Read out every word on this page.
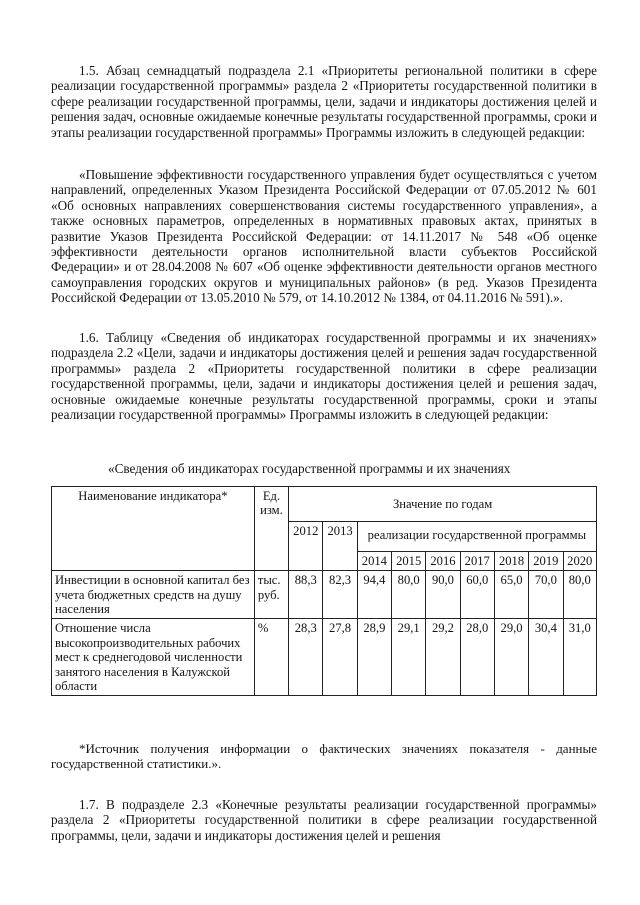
1.5. Абзац семнадцатый подраздела 2.1 «Приоритеты региональной политики в сфере реализации государственной программы» раздела 2 «Приоритеты государственной политики в сфере реализации государственной программы, цели, задачи и индикаторы достижения целей и решения задач, основные ожидаемые конечные результаты государственной программы, сроки и этапы реализации государственной программы» Программы изложить в следующей редакции:

«Повышение эффективности государственного управления будет осуществляться с учетом направлений, определенных Указом Президента Российской Федерации от 07.05.2012 № 601 «Об основных направлениях совершенствования системы государственного управления», а также основных параметров, определенных в нормативных правовых актах, принятых в развитие Указов Президента Российской Федерации: от 14.11.2017 № 548 «Об оценке эффективности деятельности органов исполнительной власти субъектов Российской Федерации» и от 28.04.2008 № 607 «Об оценке эффективности деятельности органов местного самоуправления городских округов и муниципальных районов» (в ред. Указов Президента Российской Федерации от 13.05.2010 № 579, от 14.10.2012 № 1384, от 04.11.2016 № 591).».

1.6. Таблицу «Сведения об индикаторах государственной программы и их значениях» подраздела 2.2 «Цели, задачи и индикаторы достижения целей и решения задач государственной программы» раздела 2 «Приоритеты государственной политики в сфере реализации государственной программы, цели, задачи и индикаторы достижения целей и решения задач, основные ожидаемые конечные результаты государственной программы, сроки и этапы реализации государственной программы» Программы изложить в следующей редакции:

«Сведения об индикаторах государственной программы и их значениях

Наименование индикатора*	Ед. изм.	Значение по годам								
		2012	2013	реализации государственной программы						
				2014	2015	2016	2017	2018	2019	2020
Инвестиции в основной капитал без учета бюджетных средств на душу населения	тыс. руб.	88,3	82,3	94,4	80,0	90,0	60,0	65,0	70,0	80,0
Отношение числа высокопроизводительных рабочих мест к среднегодовой численности занятого населения в Калужской области	%	28,3	27,8	28,9	29,1	29,2	28,0	29,0	30,4	31,0

*Источник получения информации о фактических значениях показателя - данные государственной статистики.».

1.7. В подразделе 2.3 «Конечные результаты реализации государственной программы» раздела 2 «Приоритеты государственной политики в сфере реализации государственной программы, цели, задачи и индикаторы достижения целей и решения
